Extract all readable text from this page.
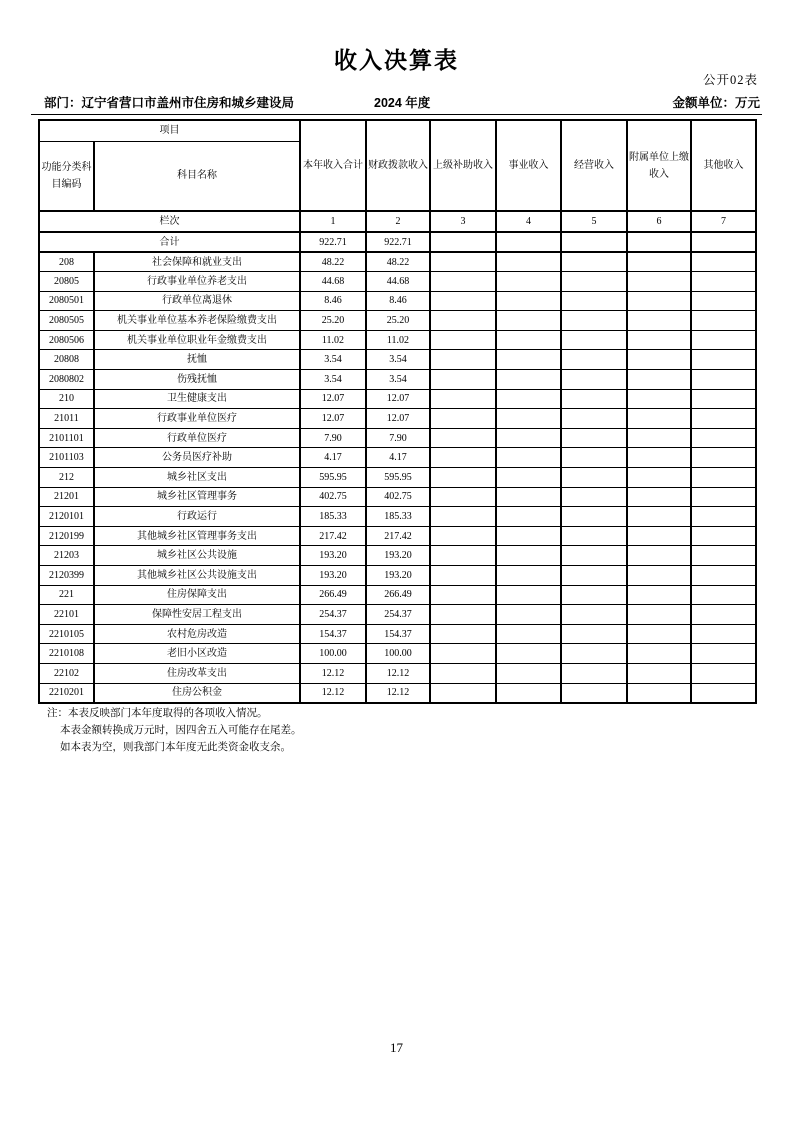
收入决算表
公开02表
部门：辽宁省营口市盖州市住房和城乡建设局	2024 年度	金额单位：万元
项目		本年收入合计	财政拨款收入	上级补助收入	事业收入	经营收入	附属单位上缴收入	其他收入
功能分类科目编码	科目名称							
栏次		1	2	3	4	5	6	7
合计		922.71	922.71					
208	社会保障和就业支出	48.22	48.22					
20805	行政事业单位养老支出	44.68	44.68					
2080501	行政单位离退休	8.46	8.46					
2080505	机关事业单位基本养老保险缴费支出	25.20	25.20					
2080506	机关事业单位职业年金缴费支出	11.02	11.02					
20808	抚恤	3.54	3.54					
2080802	伤残抚恤	3.54	3.54					
210	卫生健康支出	12.07	12.07					
21011	行政事业单位医疗	12.07	12.07					
2101101	行政单位医疗	7.90	7.90					
2101103	公务员医疗补助	4.17	4.17					
212	城乡社区支出	595.95	595.95					
21201	城乡社区管理事务	402.75	402.75					
2120101	行政运行	185.33	185.33					
2120199	其他城乡社区管理事务支出	217.42	217.42					
21203	城乡社区公共设施	193.20	193.20					
2120399	其他城乡社区公共设施支出	193.20	193.20					
221	住房保障支出	266.49	266.49					
22101	保障性安居工程支出	254.37	254.37					
2210105	农村危房改造	154.37	154.37					
2210108	老旧小区改造	100.00	100.00					
22102	住房改革支出	12.12	12.12					
2210201	住房公积金	12.12	12.12					
注：本表反映部门本年度取得的各项收入情况。
本表金额转换成万元时，因四舍五入可能存在尾差。
如本表为空，则我部门本年度无此类资金收支余。
17
